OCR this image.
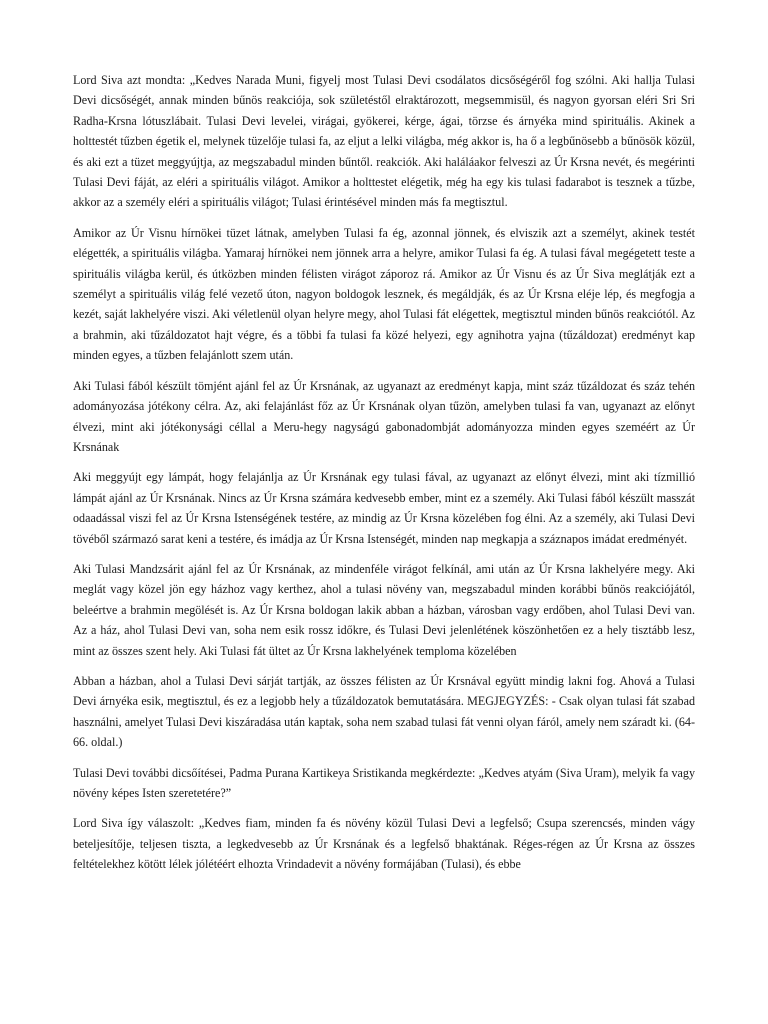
Lord Siva azt mondta: „Kedves Narada Muni, figyelj most Tulasi Devi csodálatos dicsőségéről fog szólni. Aki hallja Tulasi Devi dicsőségét, annak minden bűnös reakciója, sok születéstől elraktározott, megsemmisül, és nagyon gyorsan eléri Sri Sri Radha-Krsna lótuszlábait. Tulasi Devi levelei, virágai, gyökerei, kérge, ágai, törzse és árnyéka mind spirituális. Akinek a holttestét tűzben égetik el, melynek tüzelője tulasi fa, az eljut a lelki világba, még akkor is, ha ő a legbűnösebb a bűnösök közül, és aki ezt a tüzet meggyújtja, az megszabadul minden bűntől. reakciók. Aki haláláakor felveszi az Úr Krsna nevét, és megérinti Tulasi Devi fáját, az eléri a spirituális világot. Amikor a holttestet elégetik, még ha egy kis tulasi fadarabot is tesznek a tűzbe, akkor az a személy eléri a spirituális világot; Tulasi érintésével minden más fa megtisztul.

Amikor az Úr Visnu hírnökei tüzet látnak, amelyben Tulasi fa ég, azonnal jönnek, és elviszik azt a személyt, akinek testét elégették, a spirituális világba. Yamaraj hírnökei nem jönnek arra a helyre, amikor Tulasi fa ég. A tulasi fával megégetett teste a spirituális világba kerül, és útközben minden félisten virágot záporoz rá. Amikor az Úr Visnu és az Úr Siva meglátják ezt a személyt a spirituális világ felé vezető úton, nagyon boldogok lesznek, és megáldják, és az Úr Krsna eléje lép, és megfogja a kezét, saját lakhelyére viszi. Aki véletlenül olyan helyre megy, ahol Tulasi fát elégettek, megtisztul minden bűnös reakciótól. Az a brahmin, aki tűzáldozatot hajt végre, és a többi fa tulasi fa közé helyezi, egy agnihotra yajna (tűzáldozat) eredményt kap minden egyes, a tűzben felajánlott szem után.

Aki Tulasi fából készült tömjént ajánl fel az Úr Krsnának, az ugyanazt az eredményt kapja, mint száz tűzáldozat és száz tehén adományozása jótékony célra. Az, aki felajánlást főz az Úr Krsnának olyan tűzön, amelyben tulasi fa van, ugyanazt az előnyt élvezi, mint aki jótékonysági céllal a Meru-hegy nagyságú gabonadombját adományozza minden egyes szeméért az Úr Krsnának

Aki meggyújt egy lámpát, hogy felajánlja az Úr Krsnának egy tulasi fával, az ugyanazt az előnyt élvezi, mint aki tízmillió lámpát ajánl az Úr Krsnának. Nincs az Úr Krsna számára kedvesebb ember, mint ez a személy. Aki Tulasi fából készült masszát odaadással viszi fel az Úr Krsna Istenségének testére, az mindig az Úr Krsna közelében fog élni. Az a személy, aki Tulasi Devi tövéből származó sarat keni a testére, és imádja az Úr Krsna Istenségét, minden nap megkapja a száznapos imádat eredményét.

Aki Tulasi Mandzsárit ajánl fel az Úr Krsnának, az mindenféle virágot felkínál, ami után az Úr Krsna lakhelyére megy. Aki meglát vagy közel jön egy házhoz vagy kerthez, ahol a tulasi növény van, megszabadul minden korábbi bűnös reakciójától, beleértve a brahmin megölését is. Az Úr Krsna boldogan lakik abban a házban, városban vagy erdőben, ahol Tulasi Devi van. Az a ház, ahol Tulasi Devi van, soha nem esik rossz időkre, és Tulasi Devi jelenlétének köszönhetően ez a hely tisztább lesz, mint az összes szent hely. Aki Tulasi fát ültet az Úr Krsna lakhelyének temploma közelében

Abban a házban, ahol a Tulasi Devi sárját tartják, az összes félisten az Úr Krsnával együtt mindig lakni fog. Ahová a Tulasi Devi árnyéka esik, megtisztul, és ez a legjobb hely a tűzáldozatok bemutatására. MEGJEGYZÉS: - Csak olyan tulasi fát szabad használni, amelyet Tulasi Devi kiszáradása után kaptak, soha nem szabad tulasi fát venni olyan fáról, amely nem száradt ki. (64-66. oldal.)

Tulasi Devi további dicsőítései, Padma Purana Kartikeya Sristikanda megkérdezte: „Kedves atyám (Siva Uram), melyik fa vagy növény képes Isten szeretetére?”

Lord Siva így válaszolt: „Kedves fiam, minden fa és növény közül Tulasi Devi a legfelső; Csupa szerencsés, minden vágy beteljesítője, teljesen tiszta, a legkedvesebb az Úr Krsnának és a legfelső bhaktának. Réges-régen az Úr Krsna az összes feltételekhez kötött lélek jólétéért elhozta Vrindadevit a növény formájában (Tulasi), és ebbe
